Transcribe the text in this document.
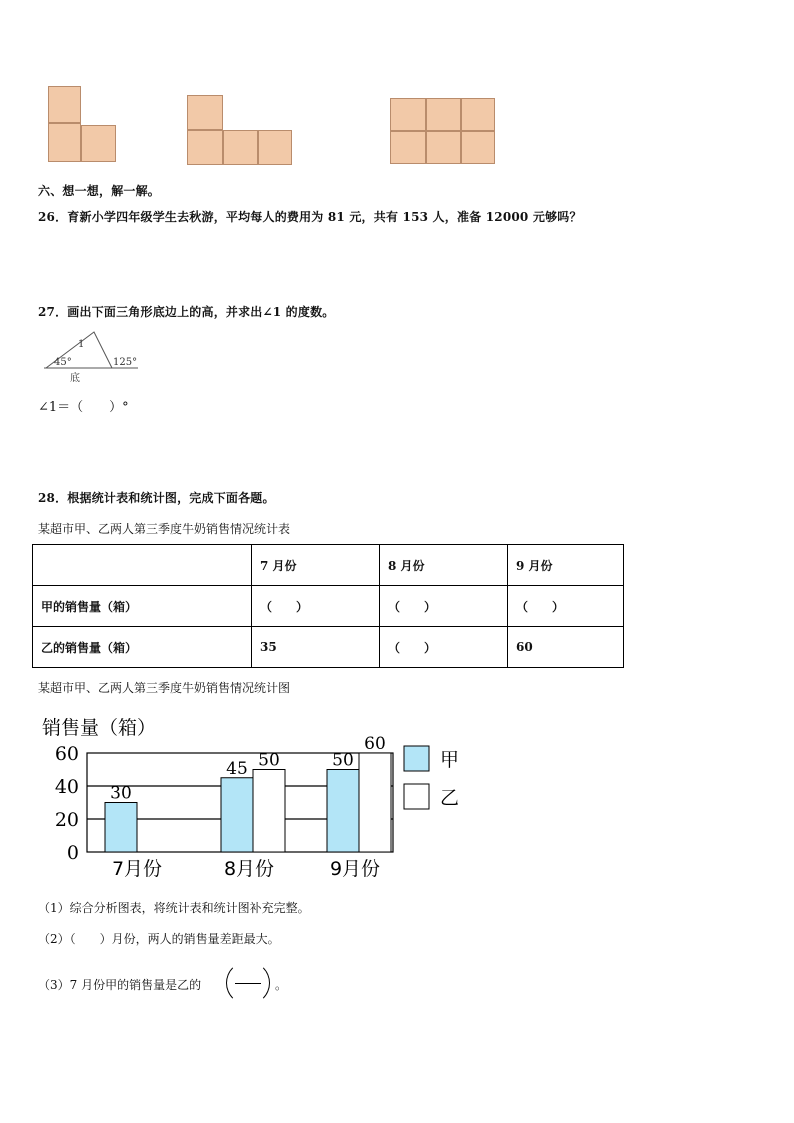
六、想一想，解一解。
26．育新小学四年级学生去秋游，平均每人的费用为 81 元，共有 153 人，准备 12000 元够吗？
27．画出下面三角形底边上的高，并求出∠1 的度数。
1
45°	125°
底
∠1＝（　　）°
28．根据统计表和统计图，完成下面各题。
某超市甲、乙两人第三季度牛奶销售情况统计表
	7 月份	8 月份	9 月份
甲的销售量（箱）	（　　）	（　　）	（　　）
乙的销售量（箱）	35	（　　）	60
某超市甲、乙两人第三季度牛奶销售情况统计图
销售量（箱）
0
20
40
60
7月份	8月份	9月份
30
45	50
50
60
甲
乙
（1）综合分析图表，将统计表和统计图补充完整。
（2）（　　）月份，两人的销售量差距最大。
（3）7 月份甲的销售量是乙的	。
